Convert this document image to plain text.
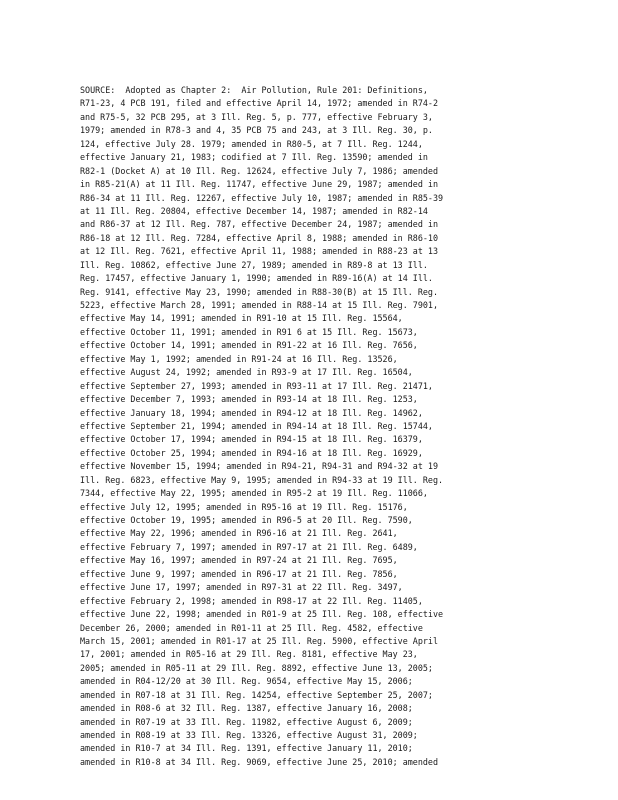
SOURCE:  Adopted as Chapter 2:  Air Pollution, Rule 201: Definitions,
R71-23, 4 PCB 191, filed and effective April 14, 1972; amended in R74-2
and R75-5, 32 PCB 295, at 3 Ill. Reg. 5, p. 777, effective February 3,
1979; amended in R78-3 and 4, 35 PCB 75 and 243, at 3 Ill. Reg. 30, p.
124, effective July 28. 1979; amended in R80-5, at 7 Ill. Reg. 1244,
effective January 21, 1983; codified at 7 Ill. Reg. 13590; amended in
R82-1 (Docket A) at 10 Ill. Reg. 12624, effective July 7, 1986; amended
in R85-21(A) at 11 Ill. Reg. 11747, effective June 29, 1987; amended in
R86-34 at 11 Ill. Reg. 12267, effective July 10, 1987; amended in R85-39
at 11 Ill. Reg. 20804, effective December 14, 1987; amended in R82-14
and R86-37 at 12 Ill. Reg. 787, effective December 24, 1987; amended in
R86-18 at 12 Ill. Reg. 7284, effective April 8, 1988; amended in R86-10
at 12 Ill. Reg. 7621, effective April 11, 1988; amended in R88-23 at 13
Ill. Reg. 10862, effective June 27, 1989; amended in R89-8 at 13 Ill.
Reg. 17457, effective January 1, 1990; amended in R89-16(A) at 14 Ill.
Reg. 9141, effective May 23, 1990; amended in R88-30(B) at 15 Ill. Reg.
5223, effective March 28, 1991; amended in R88-14 at 15 Ill. Reg. 7901,
effective May 14, 1991; amended in R91-10 at 15 Ill. Reg. 15564,
effective October 11, 1991; amended in R91 6 at 15 Ill. Reg. 15673,
effective October 14, 1991; amended in R91-22 at 16 Ill. Reg. 7656,
effective May 1, 1992; amended in R91-24 at 16 Ill. Reg. 13526,
effective August 24, 1992; amended in R93-9 at 17 Ill. Reg. 16504,
effective September 27, 1993; amended in R93-11 at 17 Ill. Reg. 21471,
effective December 7, 1993; amended in R93-14 at 18 Ill. Reg. 1253,
effective January 18, 1994; amended in R94-12 at 18 Ill. Reg. 14962,
effective September 21, 1994; amended in R94-14 at 18 Ill. Reg. 15744,
effective October 17, 1994; amended in R94-15 at 18 Ill. Reg. 16379,
effective October 25, 1994; amended in R94-16 at 18 Ill. Reg. 16929,
effective November 15, 1994; amended in R94-21, R94-31 and R94-32 at 19
Ill. Reg. 6823, effective May 9, 1995; amended in R94-33 at 19 Ill. Reg.
7344, effective May 22, 1995; amended in R95-2 at 19 Ill. Reg. 11066,
effective July 12, 1995; amended in R95-16 at 19 Ill. Reg. 15176,
effective October 19, 1995; amended in R96-5 at 20 Ill. Reg. 7590,
effective May 22, 1996; amended in R96-16 at 21 Ill. Reg. 2641,
effective February 7, 1997; amended in R97-17 at 21 Ill. Reg. 6489,
effective May 16, 1997; amended in R97-24 at 21 Ill. Reg. 7695,
effective June 9, 1997; amended in R96-17 at 21 Ill. Reg. 7856,
effective June 17, 1997; amended in R97-31 at 22 Ill. Reg. 3497,
effective February 2, 1998; amended in R98-17 at 22 Ill. Reg. 11405,
effective June 22, 1998; amended in R01-9 at 25 Ill. Reg. 108, effective
December 26, 2000; amended in R01-11 at 25 Ill. Reg. 4582, effective
March 15, 2001; amended in R01-17 at 25 Ill. Reg. 5900, effective April
17, 2001; amended in R05-16 at 29 Ill. Reg. 8181, effective May 23,
2005; amended in R05-11 at 29 Ill. Reg. 8892, effective June 13, 2005;
amended in R04-12/20 at 30 Ill. Reg. 9654, effective May 15, 2006;
amended in R07-18 at 31 Ill. Reg. 14254, effective September 25, 2007;
amended in R08-6 at 32 Ill. Reg. 1387, effective January 16, 2008;
amended in R07-19 at 33 Ill. Reg. 11982, effective August 6, 2009;
amended in R08-19 at 33 Ill. Reg. 13326, effective August 31, 2009;
amended in R10-7 at 34 Ill. Reg. 1391, effective January 11, 2010;
amended in R10-8 at 34 Ill. Reg. 9069, effective June 25, 2010; amended
